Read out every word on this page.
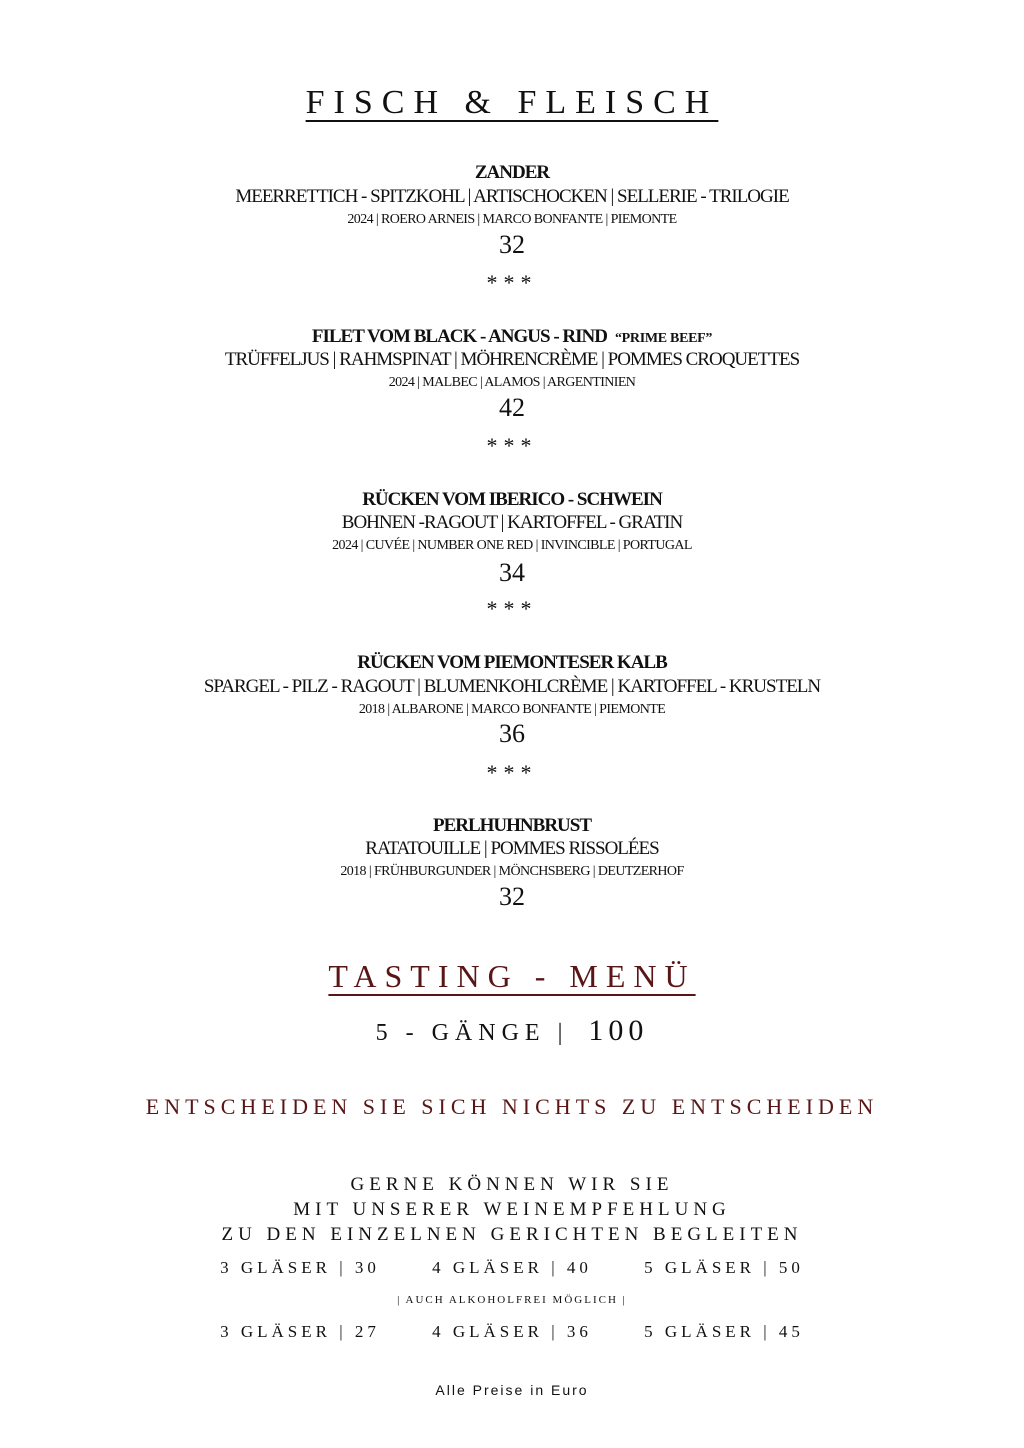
FISCH & FLEISCH
ZANDER
MEERRETTICH - SPITZKOHL | ARTISCHOCKEN | SELLERIE - TRILOGIE
2024 | ROERO ARNEIS | MARCO BONFANTE | PIEMONTE
32
***
FILET VOM BLACK - ANGUS - RIND “PRIME BEEF”
TRÜFFELJUS | RAHMSPINAT | MÖHRENCRÈME | POMMES CROQUETTES
2024 | MALBEC | ALAMOS | ARGENTINIEN
42
***
RÜCKEN VOM IBERICO - SCHWEIN
BOHNEN -RAGOUT | KARTOFFEL - GRATIN
2024 | CUVÉE | NUMBER ONE RED | INVINCIBLE | PORTUGAL
34
***
RÜCKEN VOM PIEMONTESER KALB
SPARGEL - PILZ - RAGOUT | BLUMENKOHLCRÈME | KARTOFFEL - KRUSTELN
2018 | ALBARONE | MARCO BONFANTE | PIEMONTE
36
***
PERLHUHNBRUST
RATATOUILLE | POMMES RISSOLÉES
2018 | FRÜHBURGUNDER | MÖNCHSBERG | DEUTZERHOF
32
TASTING - MENÜ
5 - GÄNGE | 100
ENTSCHEIDEN SIE SICH NICHTS ZU ENTSCHEIDEN
GERNE KÖNNEN WIR SIE
MIT UNSERER WEINEMPFEHLUNG
ZU DEN EINZELNEN GERICHTEN BEGLEITEN
3 GLÄSER | 30	4 GLÄSER | 40	5 GLÄSER | 50
| AUCH ALKOHOLFREI MÖGLICH |
3 GLÄSER | 27	4 GLÄSER | 36	5 GLÄSER | 45
Alle Preise in Euro
